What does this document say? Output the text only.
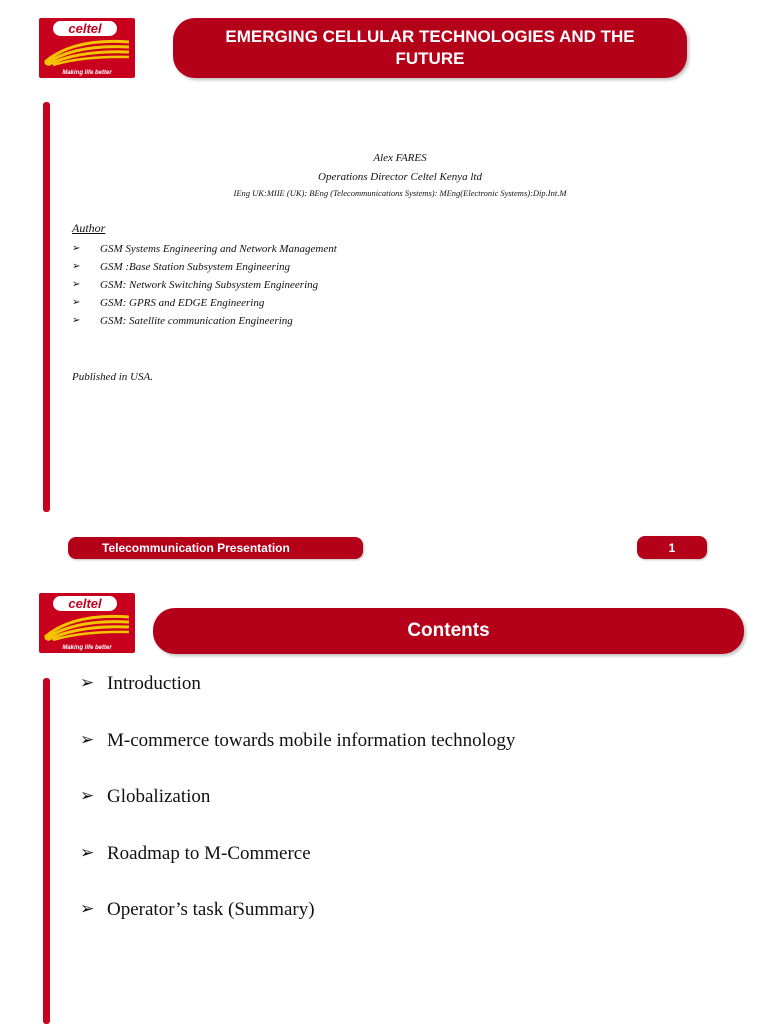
celtel
Making life better
EMERGING CELLULAR TECHNOLOGIES AND THE FUTURE
Alex FARES
Operations Director Celtel Kenya ltd
IEng UK:MIIE (UK): BEng (Telecommunications Systems): MEng(Electronic Systems):Dip.Int.M
Author
➢	GSM Systems Engineering and Network Management
➢	GSM :Base Station Subsystem Engineering
➢	GSM: Network Switching Subsystem Engineering
➢	GSM: GPRS and EDGE Engineering
➢	GSM: Satellite communication Engineering
Published in USA.
Telecommunication Presentation	1
celtel
Making life better
Contents
➢ Introduction
➢ M-commerce towards mobile information technology
➢ Globalization
➢ Roadmap to M-Commerce
➢ Operator’s task (Summary)
